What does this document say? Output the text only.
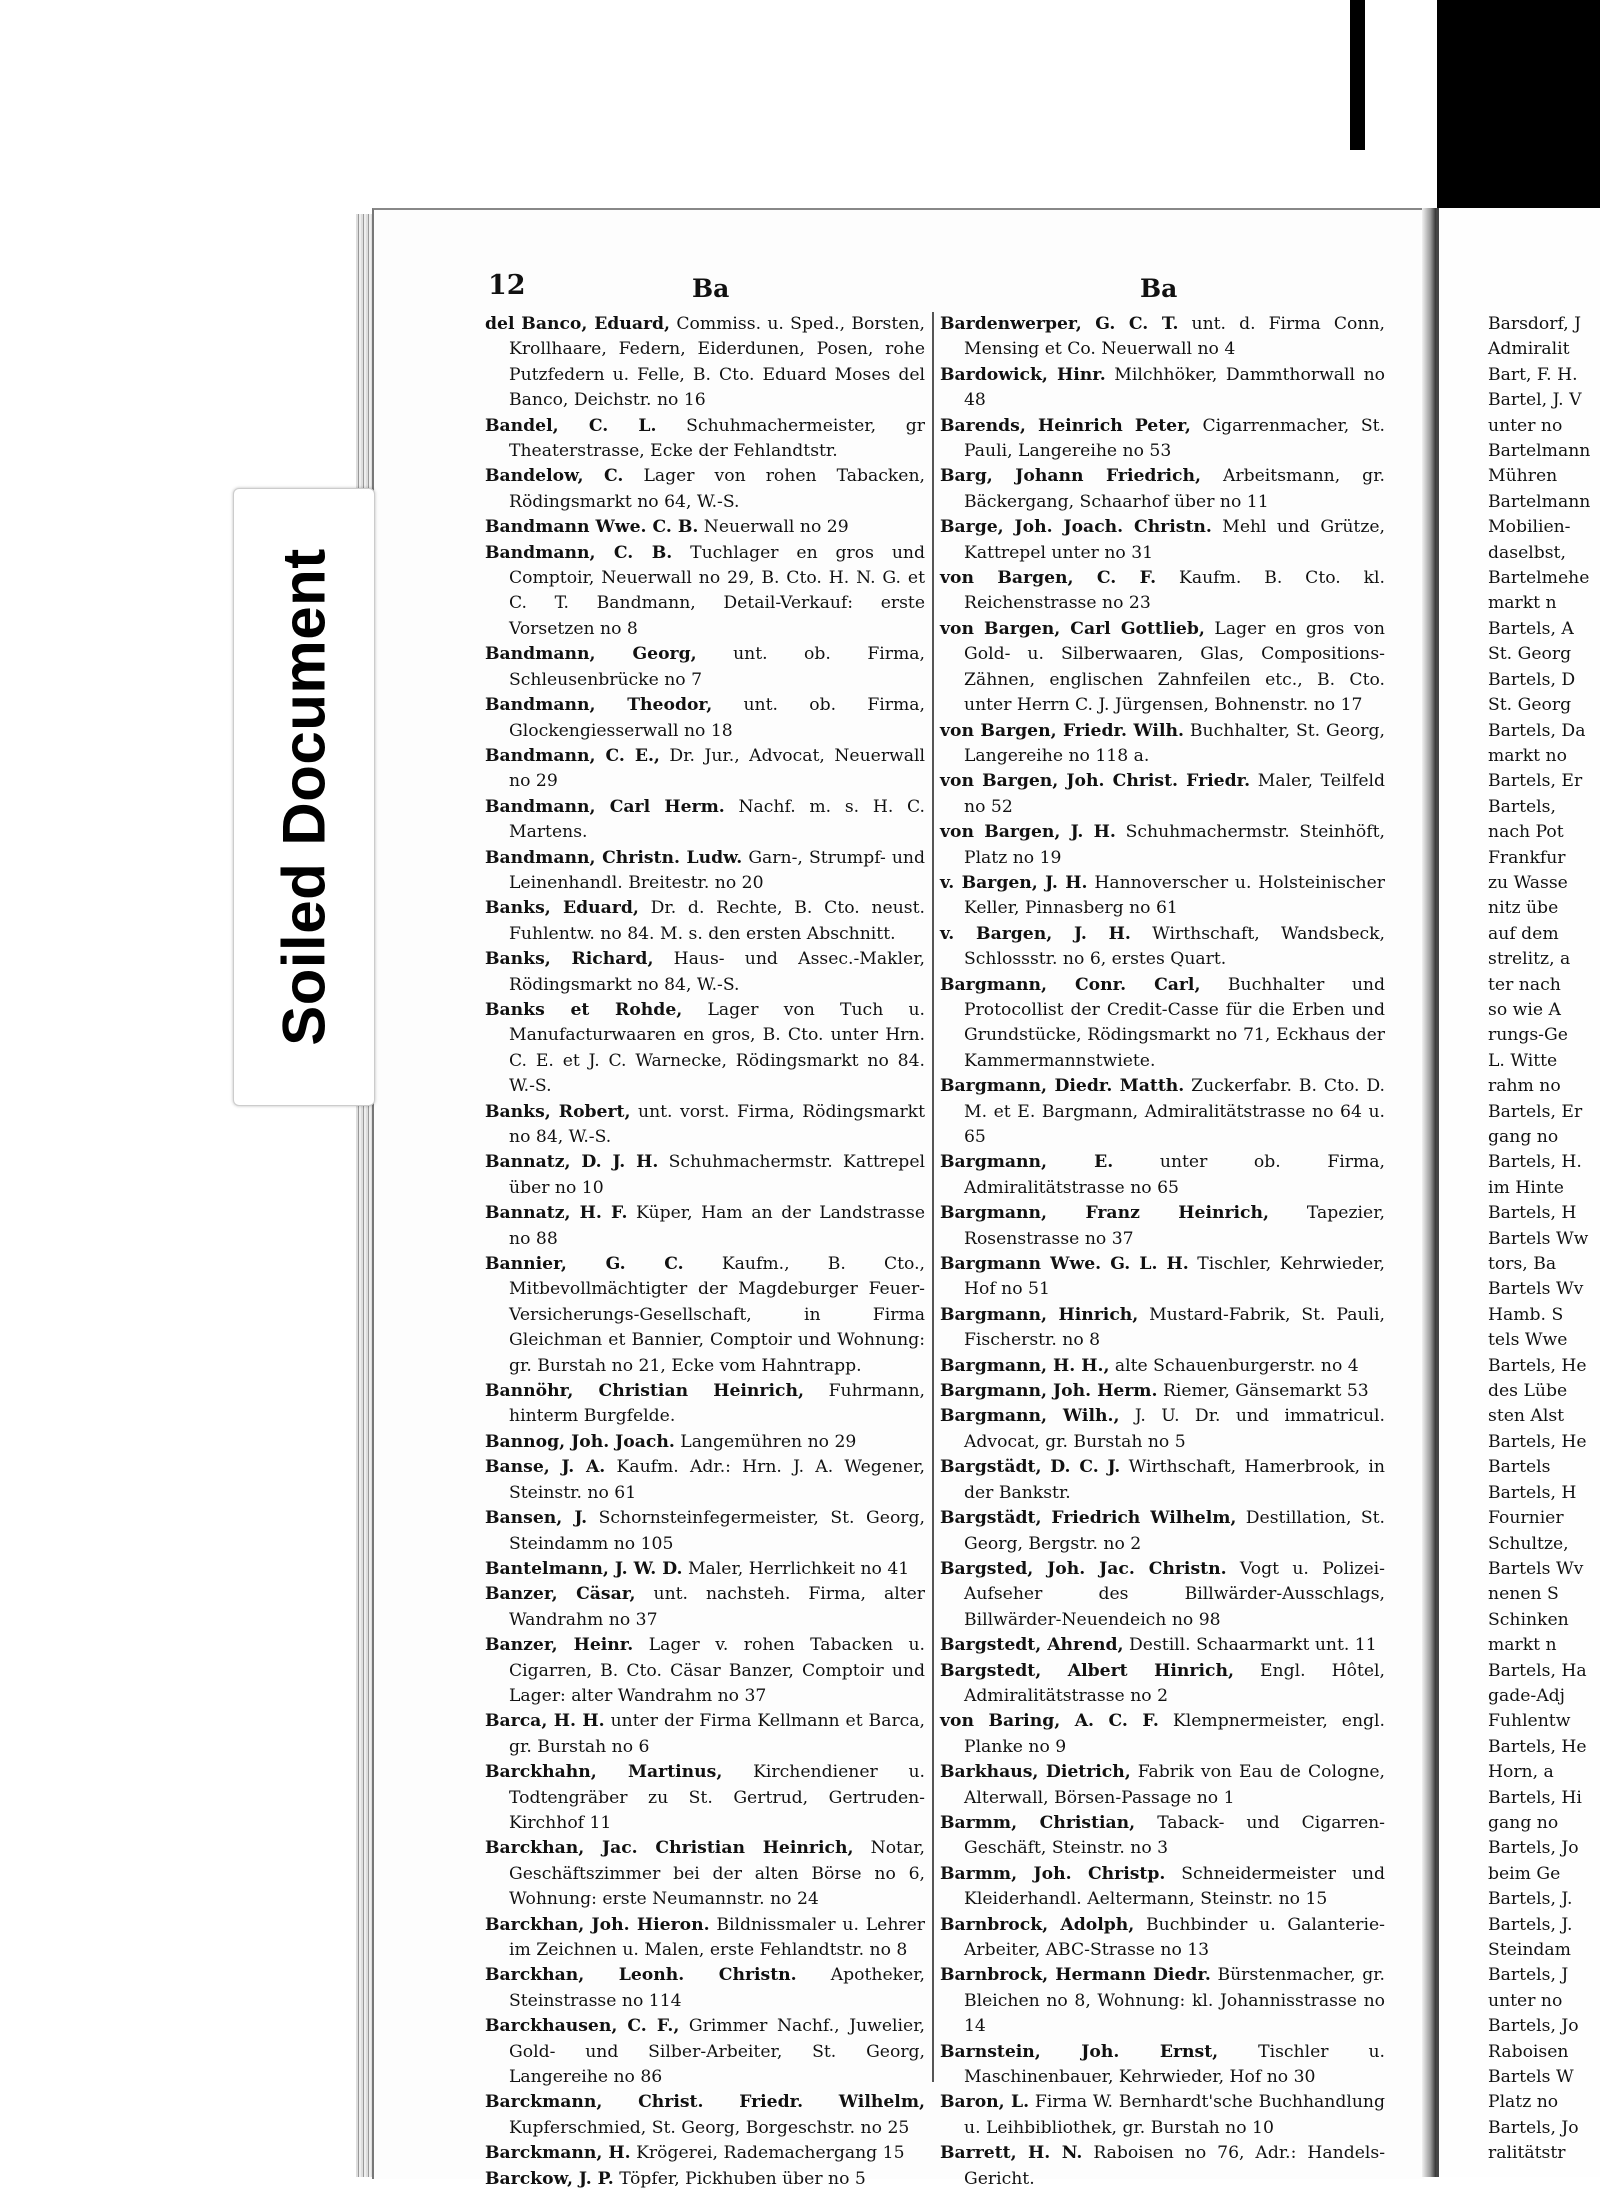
12	Ba	Ba
del Banco, Eduard, Commiss. u. Sped., Borsten, Krollhaare, Federn, Eiderdunen, Posen, rohe Putzfedern u. Felle, B. Cto. Eduard Moses del Banco, Deichstr. no 16
Bandel, C. L. Schuhmachermeister, gr Theaterstrasse, Ecke der Fehlandtstr.
Bandelow, C. Lager von rohen Tabacken, Rödingsmarkt no 64, W.-S.
Bandmann Wwe. C. B. Neuerwall no 29
Bandmann, C. B. Tuchlager en gros und Comptoir, Neuerwall no 29, B. Cto. H. N. G. et C. T. Bandmann, Detail-Verkauf: erste Vorsetzen no 8
Bandmann, Georg, unt. ob. Firma, Schleusenbrücke no 7
Bandmann, Theodor, unt. ob. Firma, Glockengiesserwall no 18
Bandmann, C. E., Dr. Jur., Advocat, Neuerwall no 29
Bandmann, Carl Herm. Nachf. m. s. H. C. Martens.
Bandmann, Christn. Ludw. Garn-, Strumpf- und Leinenhandl. Breitestr. no 20
Banks, Eduard, Dr. d. Rechte, B. Cto. neust. Fuhlentw. no 84. M. s. den ersten Abschnitt.
Banks, Richard, Haus- und Assec.-Makler, Rödingsmarkt no 84, W.-S.
Banks et Rohde, Lager von Tuch u. Manufacturwaaren en gros, B. Cto. unter Hrn. C. E. et J. C. Warnecke, Rödingsmarkt no 84. W.-S.
Banks, Robert, unt. vorst. Firma, Rödingsmarkt no 84, W.-S.
Bannatz, D. J. H. Schuhmachermstr. Kattrepel über no 10
Bannatz, H. F. Küper, Ham an der Landstrasse no 88
Bannier, G. C. Kaufm., B. Cto., Mitbevollmächtigter der Magdeburger Feuer-Versicherungs-Gesellschaft, in Firma Gleichman et Bannier, Comptoir und Wohnung: gr. Burstah no 21, Ecke vom Hahntrapp.
Bannöhr, Christian Heinrich, Fuhrmann, hinterm Burgfelde.
Bannog, Joh. Joach. Langemühren no 29
Banse, J. A. Kaufm. Adr.: Hrn. J. A. Wegener, Steinstr. no 61
Bansen, J. Schornsteinfegermeister, St. Georg, Steindamm no 105
Bantelmann, J. W. D. Maler, Herrlichkeit no 41
Banzer, Cäsar, unt. nachsteh. Firma, alter Wandrahm no 37
Banzer, Heinr. Lager v. rohen Tabacken u. Cigarren, B. Cto. Cäsar Banzer, Comptoir und Lager: alter Wandrahm no 37
Barca, H. H. unter der Firma Kellmann et Barca, gr. Burstah no 6
Barckhahn, Martinus, Kirchendiener u. Todtengräber zu St. Gertrud, Gertruden-Kirchhof 11
Barckhan, Jac. Christian Heinrich, Notar, Geschäftszimmer bei der alten Börse no 6, Wohnung: erste Neumannstr. no 24
Barckhan, Joh. Hieron. Bildnissmaler u. Lehrer im Zeichnen u. Malen, erste Fehlandtstr. no 8
Barckhan, Leonh. Christn. Apotheker, Steinstrasse no 114
Barckhausen, C. F., Grimmer Nachf., Juwelier, Gold- und Silber-Arbeiter, St. Georg, Langereihe no 86
Barckmann, Christ. Friedr. Wilhelm, Kupferschmied, St. Georg, Borgeschstr. no 25
Barckmann, H. Krögerei, Rademachergang 15
Barckow, J. P. Töpfer, Pickhuben über no 5
Bardenwerper, G. C. T. unt. d. Firma Conn, Mensing et Co. Neuerwall no 4
Bardowick, Hinr. Milchhöker, Dammthorwall no 48
Barends, Heinrich Peter, Cigarrenmacher, St. Pauli, Langereihe no 53
Barg, Johann Friedrich, Arbeitsmann, gr. Bäckergang, Schaarhof über no 11
Barge, Joh. Joach. Christn. Mehl und Grütze, Kattrepel unter no 31
von Bargen, C. F. Kaufm. B. Cto. kl. Reichenstrasse no 23
von Bargen, Carl Gottlieb, Lager en gros von Gold- u. Silberwaaren, Glas, Compositions-Zähnen, englischen Zahnfeilen etc., B. Cto. unter Herrn C. J. Jürgensen, Bohnenstr. no 17
von Bargen, Friedr. Wilh. Buchhalter, St. Georg, Langereihe no 118 a.
von Bargen, Joh. Christ. Friedr. Maler, Teilfeld no 52
von Bargen, J. H. Schuhmachermstr. Steinhöft, Platz no 19
v. Bargen, J. H. Hannoverscher u. Holsteinischer Keller, Pinnasberg no 61
v. Bargen, J. H. Wirthschaft, Wandsbeck, Schlossstr. no 6, erstes Quart.
Bargmann, Conr. Carl, Buchhalter und Protocollist der Credit-Casse für die Erben und Grundstücke, Rödingsmarkt no 71, Eckhaus der Kammermannstwiete.
Bargmann, Diedr. Matth. Zuckerfabr. B. Cto. D. M. et E. Bargmann, Admiralitätstrasse no 64 u. 65
Bargmann, E. unter ob. Firma, Admiralitätstrasse no 65
Bargmann, Franz Heinrich, Tapezier, Rosenstrasse no 37
Bargmann Wwe. G. L. H. Tischler, Kehrwieder, Hof no 51
Bargmann, Hinrich, Mustard-Fabrik, St. Pauli, Fischerstr. no 8
Bargmann, H. H., alte Schauenburgerstr. no 4
Bargmann, Joh. Herm. Riemer, Gänsemarkt 53
Bargmann, Wilh., J. U. Dr. und immatricul. Advocat, gr. Burstah no 5
Bargstädt, D. C. J. Wirthschaft, Hamerbrook, in der Bankstr.
Bargstädt, Friedrich Wilhelm, Destillation, St. Georg, Bergstr. no 2
Bargsted, Joh. Jac. Christn. Vogt u. Polizei-Aufseher des Billwärder-Ausschlags, Billwärder-Neuendeich no 98
Bargstedt, Ahrend, Destill. Schaarmarkt unt. 11
Bargstedt, Albert Hinrich, Engl. Hôtel, Admiralitätstrasse no 2
von Baring, A. C. F. Klempnermeister, engl. Planke no 9
Barkhaus, Dietrich, Fabrik von Eau de Cologne, Alterwall, Börsen-Passage no 1
Barmm, Christian, Taback- und Cigarren-Geschäft, Steinstr. no 3
Barmm, Joh. Christp. Schneidermeister und Kleiderhandl. Aeltermann, Steinstr. no 15
Barnbrock, Adolph, Buchbinder u. Galanterie-Arbeiter, ABC-Strasse no 13
Barnbrock, Hermann Diedr. Bürstenmacher, gr. Bleichen no 8, Wohnung: kl. Johannisstrasse no 14
Barnstein, Joh. Ernst, Tischler u. Maschinenbauer, Kehrwieder, Hof no 30
Baron, L. Firma W. Bernhardt'sche Buchhandlung u. Leihbibliothek, gr. Burstah no 10
Barrett, H. N. Raboisen no 76, Adr.: Handels-Gericht.
Barsdorf, J
Admiralit
Bart, F. H.
Bartel, J. V
unter no
Bartelmann
Mühren
Bartelmann
Mobilien-
daselbst,
Bartelmehe
markt n
Bartels, A
St. Georg
Bartels, D
St. Georg
Bartels, Da
markt no
Bartels, Er
Bartels,
nach Pot
Frankfur
zu Wasse
nitz übe
auf dem
strelitz, a
ter nach
so wie A
rungs-Ge
L. Witte
rahm no
Bartels, Er
gang no
Bartels, H.
im Hinte
Bartels, H
Bartels Ww
tors, Ba
Bartels Wv
Hamb. S
tels Wwe
Bartels, He
des Lübe
sten Alst
Bartels, He
Bartels
Bartels, H
Fournier
Schultze,
Bartels Wv
nenen S
Schinken
markt n
Bartels, Ha
gade-Adj
Fuhlentw
Bartels, He
Horn, a
Bartels, Hi
gang no
Bartels, Jo
beim Ge
Bartels, J.
Bartels, J.
Steindam
Bartels, J
unter no
Bartels, Jo
Raboisen
Bartels W
Platz no
Bartels, Jo
ralitätstr
Soiled Document
